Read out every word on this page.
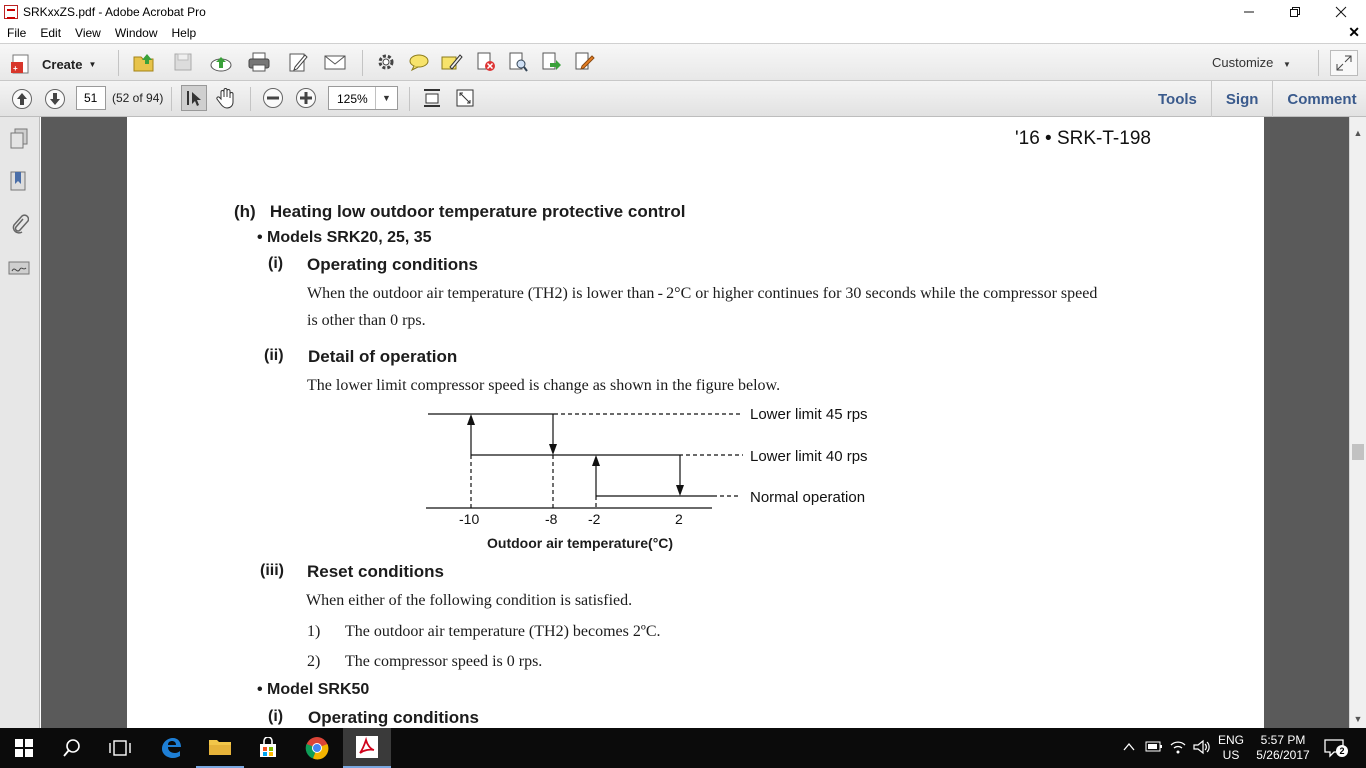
SRKxxZS.pdf - Adobe Acrobat Pro
File	Edit	View	Window	Help	✕
+ Create ▼	Customize ▼
51	(52 of 94)	125%	▼	Tools	Sign	Comment
'16 • SRK-T-198
(h)   Heating low outdoor temperature protective control
• Models SRK20, 25, 35
(i) Operating conditions
When the outdoor air temperature (TH2) is lower than - 2°C or higher continues for 30 seconds while the compressor speed
is other than 0 rps.
(ii) Detail of operation
The lower limit compressor speed is change as shown in the figure below.
Lower limit 45 rps
Lower limit 40 rps
Normal operation
-10	-8 -2	2
Outdoor air temperature(°C)
(iii) Reset conditions
When either of the following condition is satisfied.
1) The outdoor air temperature (TH2) becomes 2ºC.
2) The compressor speed is 0 rps.
• Model SRK50
(i) Operating conditions
▲
▼
ENG
US
5:57 PM
5/26/2017	2
